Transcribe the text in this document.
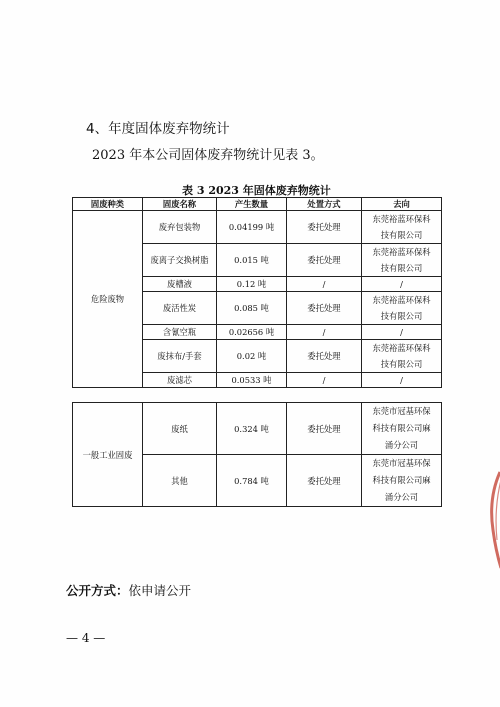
4、年度固体废弃物统计
2023 年本公司固体废弃物统计见表 3。
表 3 2023 年固体废弃物统计
固废种类	固废名称	产生数量	处置方式	去向
危险废物	废弃包装物	0.04199 吨	委托处理	东莞裕蓝环保科
技有限公司
	废离子交换树脂	0.015 吨	委托处理	东莞裕蓝环保科
技有限公司
	废槽液	0.12 吨	/	/
	废活性炭	0.085 吨	委托处理	东莞裕蓝环保科
技有限公司
	含氰空瓶	0.02656 吨	/	/
	废抹布/手套	0.02 吨	委托处理	东莞裕蓝环保科
技有限公司
	废滤芯	0.0533 吨	/	/
一般工业固废	废纸	0.324 吨	委托处理	东莞市冠基环保
科技有限公司麻
涌分公司
	其他	0.784 吨	委托处理	东莞市冠基环保
科技有限公司麻
涌分公司
公开方式：依申请公开
— 4 —
